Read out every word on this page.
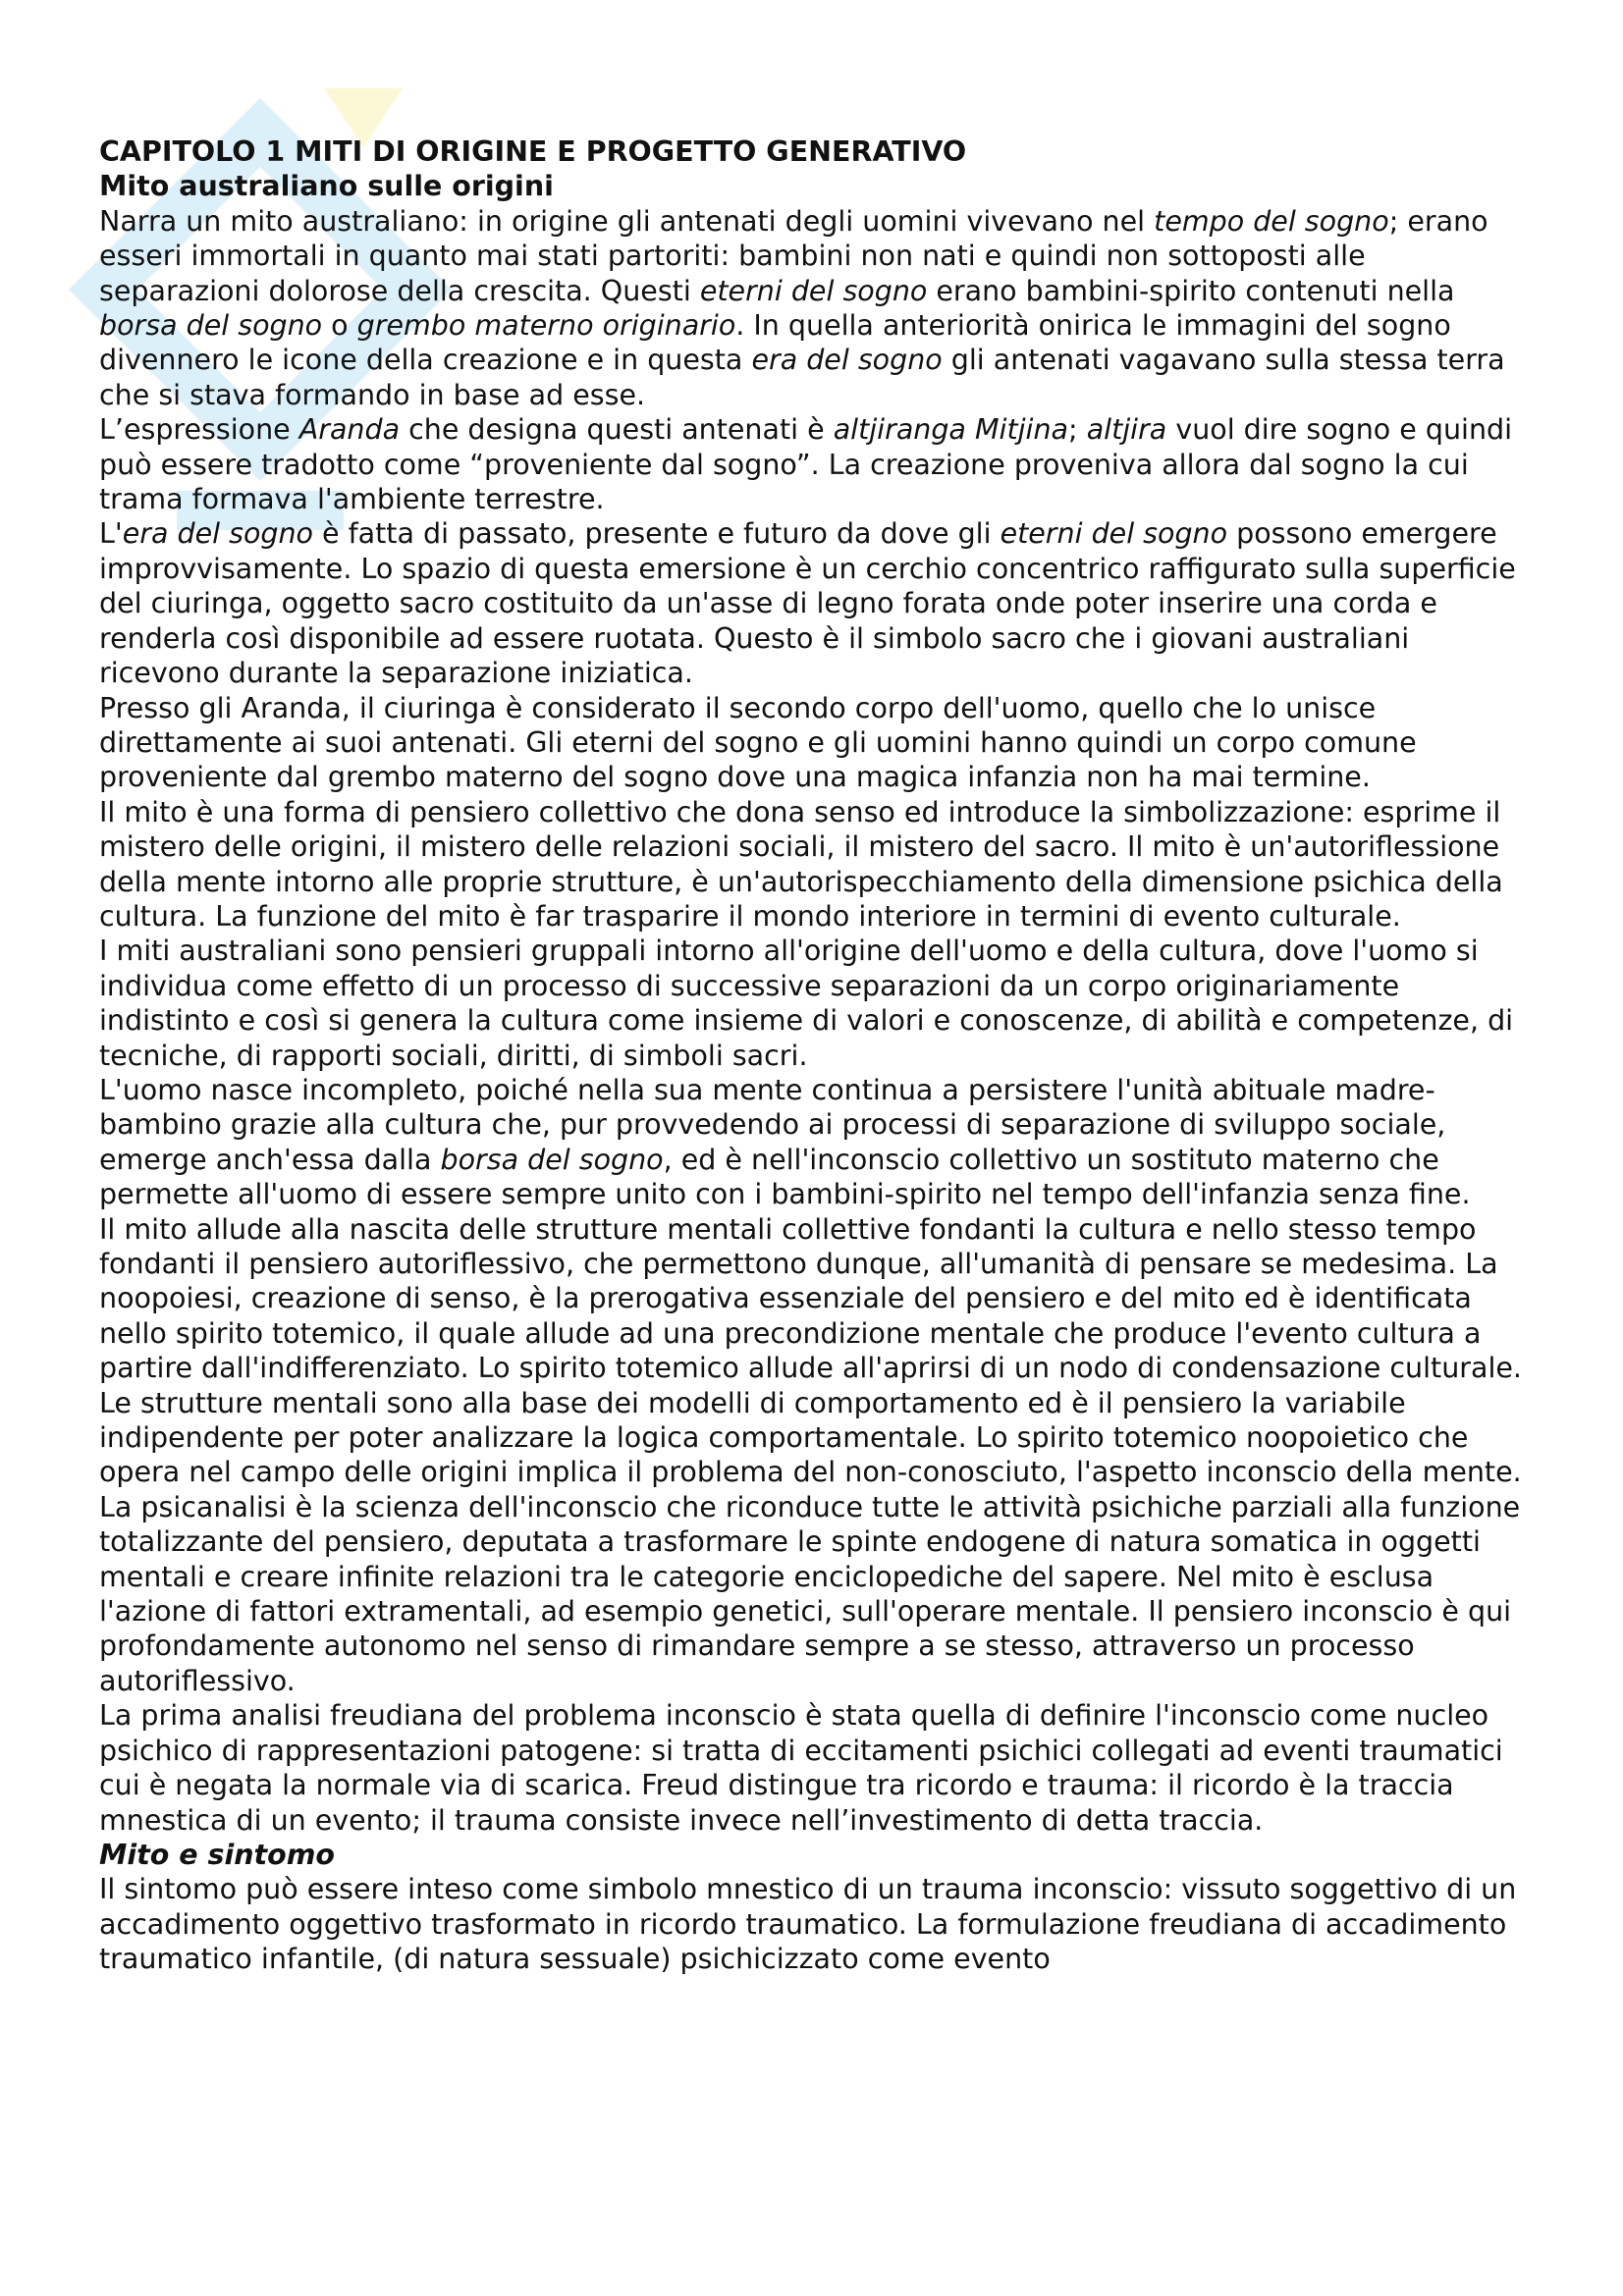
CAPITOLO 1 MITI DI ORIGINE E PROGETTO GENERATIVO

Mito australiano sulle origini

Narra un mito australiano: in origine gli antenati degli uomini vivevano nel tempo del sogno; erano esseri immortali in quanto mai stati partoriti: bambini non nati e quindi non sottoposti alle separazioni dolorose della crescita. Questi eterni del sogno erano bambini-spirito contenuti nella borsa del sogno o grembo materno originario. In quella anteriorità onirica le immagini del sogno divennero le icone della creazione e in questa era del sogno gli antenati vagavano sulla stessa terra che si stava formando in base ad esse.

L’espressione Aranda che designa questi antenati è altjiranga Mitjina; altjira vuol dire sogno e quindi può essere tradotto come “proveniente dal sogno”. La creazione proveniva allora dal sogno la cui trama formava l'ambiente terrestre.

L'era del sogno è fatta di passato, presente e futuro da dove gli eterni del sogno possono emergere improvvisamente. Lo spazio di questa emersione è un cerchio concentrico raffigurato sulla superficie del ciuringa, oggetto sacro costituito da un'asse di legno forata onde poter inserire una corda e renderla così disponibile ad essere ruotata. Questo è il simbolo sacro che i giovani australiani ricevono durante la separazione iniziatica.

Presso gli Aranda, il ciuringa è considerato il secondo corpo dell'uomo, quello che lo unisce direttamente ai suoi antenati. Gli eterni del sogno e gli uomini hanno quindi un corpo comune proveniente dal grembo materno del sogno dove una magica infanzia non ha mai termine.

Il mito è una forma di pensiero collettivo che dona senso ed introduce la simbolizzazione: esprime il mistero delle origini, il mistero delle relazioni sociali, il mistero del sacro. Il mito è un'autoriflessione della mente intorno alle proprie strutture, è un'autorispecchiamento della dimensione psichica della cultura. La funzione del mito è far trasparire il mondo interiore in termini di evento culturale.

I miti australiani sono pensieri gruppali intorno all'origine dell'uomo e della cultura, dove l'uomo si individua come effetto di un processo di successive separazioni da un corpo originariamente indistinto e così si genera la cultura come insieme di valori e conoscenze, di abilità e competenze, di tecniche, di rapporti sociali, diritti, di simboli sacri.

L'uomo nasce incompleto, poiché nella sua mente continua a persistere l'unità abituale madre-bambino grazie alla cultura che, pur provvedendo ai processi di separazione di sviluppo sociale, emerge anch'essa dalla borsa del sogno, ed è nell'inconscio collettivo un sostituto materno che permette all'uomo di essere sempre unito con i bambini-spirito nel tempo dell'infanzia senza fine.

Il mito allude alla nascita delle strutture mentali collettive fondanti la cultura e nello stesso tempo fondanti il pensiero autoriflessivo, che permettono dunque, all'umanità di pensare se medesima. La noopoiesi, creazione di senso, è la prerogativa essenziale del pensiero e del mito ed è identificata nello spirito totemico, il quale allude ad una precondizione mentale che produce l'evento cultura a partire dall'indifferenziato. Lo spirito totemico allude all'aprirsi di un nodo di condensazione culturale.

Le strutture mentali sono alla base dei modelli di comportamento ed è il pensiero la variabile indipendente per poter analizzare la logica comportamentale. Lo spirito totemico noopoietico che opera nel campo delle origini implica il problema del non-conosciuto, l'aspetto inconscio della mente.

La psicanalisi è la scienza dell'inconscio che riconduce tutte le attività psichiche parziali alla funzione totalizzante del pensiero, deputata a trasformare le spinte endogene di natura somatica in oggetti mentali e creare infinite relazioni tra le categorie enciclopediche del sapere. Nel mito è esclusa l'azione di fattori extramentali, ad esempio genetici, sull'operare mentale. Il pensiero inconscio è qui profondamente autonomo nel senso di rimandare sempre a se stesso, attraverso un processo autoriflessivo.

La prima analisi freudiana del problema inconscio è stata quella di definire l'inconscio come nucleo psichico di rappresentazioni patogene: si tratta di eccitamenti psichici collegati ad eventi traumatici cui è negata la normale via di scarica. Freud distingue tra ricordo e trauma: il ricordo è la traccia mnestica di un evento; il trauma consiste invece nell’investimento di detta traccia.

Mito e sintomo

Il sintomo può essere inteso come simbolo mnestico di un trauma inconscio: vissuto soggettivo di un accadimento oggettivo trasformato in ricordo traumatico. La formulazione freudiana di accadimento traumatico infantile, (di natura sessuale) psichicizzato come evento
